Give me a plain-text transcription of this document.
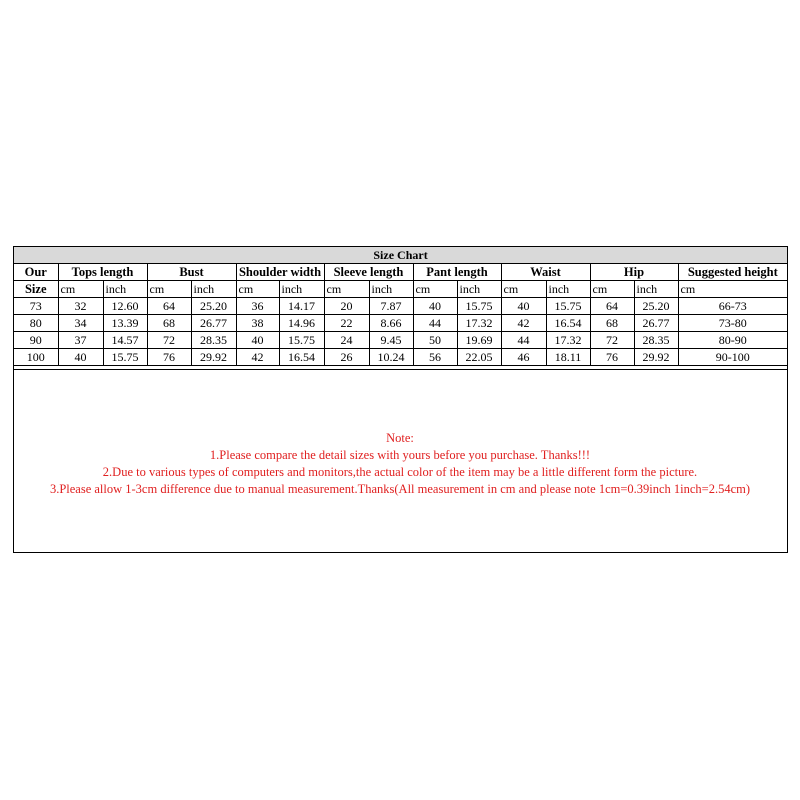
Size Chart															
Our	Tops length		Bust		Shoulder width		Sleeve length		Pant length		Waist		Hip		Suggested height
Size	cm	inch	cm	inch	cm	inch	cm	inch	cm	inch	cm	inch	cm	inch	cm
73	32	12.60	64	25.20	36	14.17	20	7.87	40	15.75	40	15.75	64	25.20	66-73
80	34	13.39	68	26.77	38	14.96	22	8.66	44	17.32	42	16.54	68	26.77	73-80
90	37	14.57	72	28.35	40	15.75	24	9.45	50	19.69	44	17.32	72	28.35	80-90
100	40	15.75	76	29.92	42	16.54	26	10.24	56	22.05	46	18.11	76	29.92	90-100
Note:
1.Please compare the detail sizes with yours before you purchase. Thanks!!!
2.Due to various types of computers and monitors,the actual color of the item may be a little different form the picture.
3.Please allow 1-3cm difference due to manual measurement.Thanks(All measurement in cm and please note 1cm=0.39inch 1inch=2.54cm)
